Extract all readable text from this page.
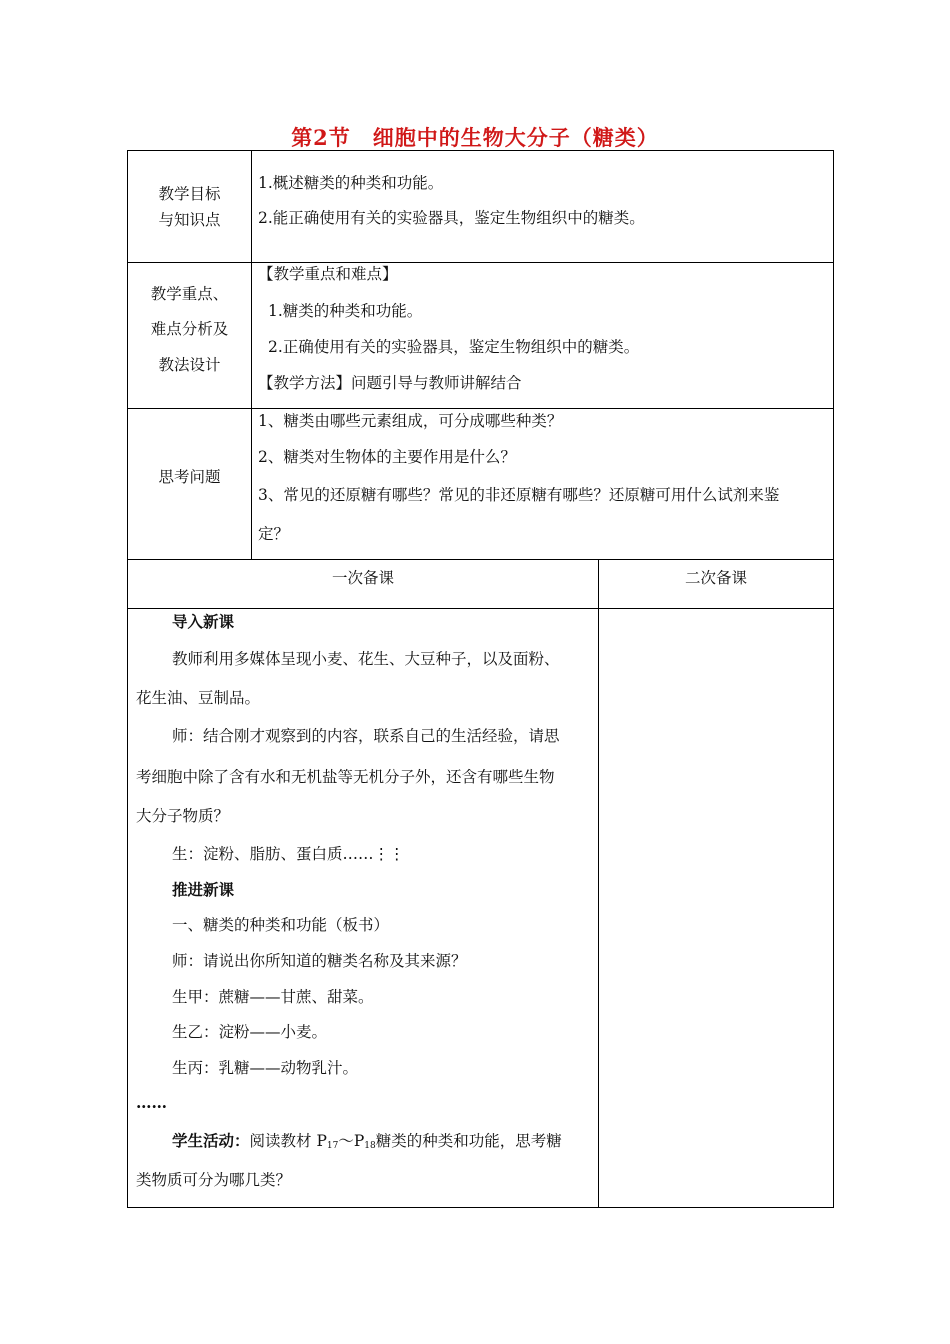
第2节　细胞中的生物大分子（糖类）
教学目标
与知识点
1.概述糖类的种类和功能。
2.能正确使用有关的实验器具，鉴定生物组织中的糖类。
教学重点、
难点分析及
教法设计
【教学重点和难点】
1.糖类的种类和功能。
2.正确使用有关的实验器具，鉴定生物组织中的糖类。
【教学方法】问题引导与教师讲解结合
思考问题
1、糖类由哪些元素组成，可分成哪些种类？
2、糖类对生物体的主要作用是什么？
3、常见的还原糖有哪些？常见的非还原糖有哪些？还原糖可用什么试剂来鉴
定？
一次备课	二次备课
导入新课
教师利用多媒体呈现小麦、花生、大豆种子，以及面粉、
花生油、豆制品。
师：结合刚才观察到的内容，联系自己的生活经验，请思
考细胞中除了含有水和无机盐等无机分子外，还含有哪些生物
大分子物质？
生：淀粉、脂肪、蛋白质……⋮⋮
推进新课
一、糖类的种类和功能（板书）
师：请说出你所知道的糖类名称及其来源？
生甲：蔗糖——甘蔗、甜菜。
生乙：淀粉——小麦。
生丙：乳糖——动物乳汁。
……
学生活动：阅读教材 $P_{17}\sim P_{18}$糖类的种类和功能，思考糖
类物质可分为哪几类？
